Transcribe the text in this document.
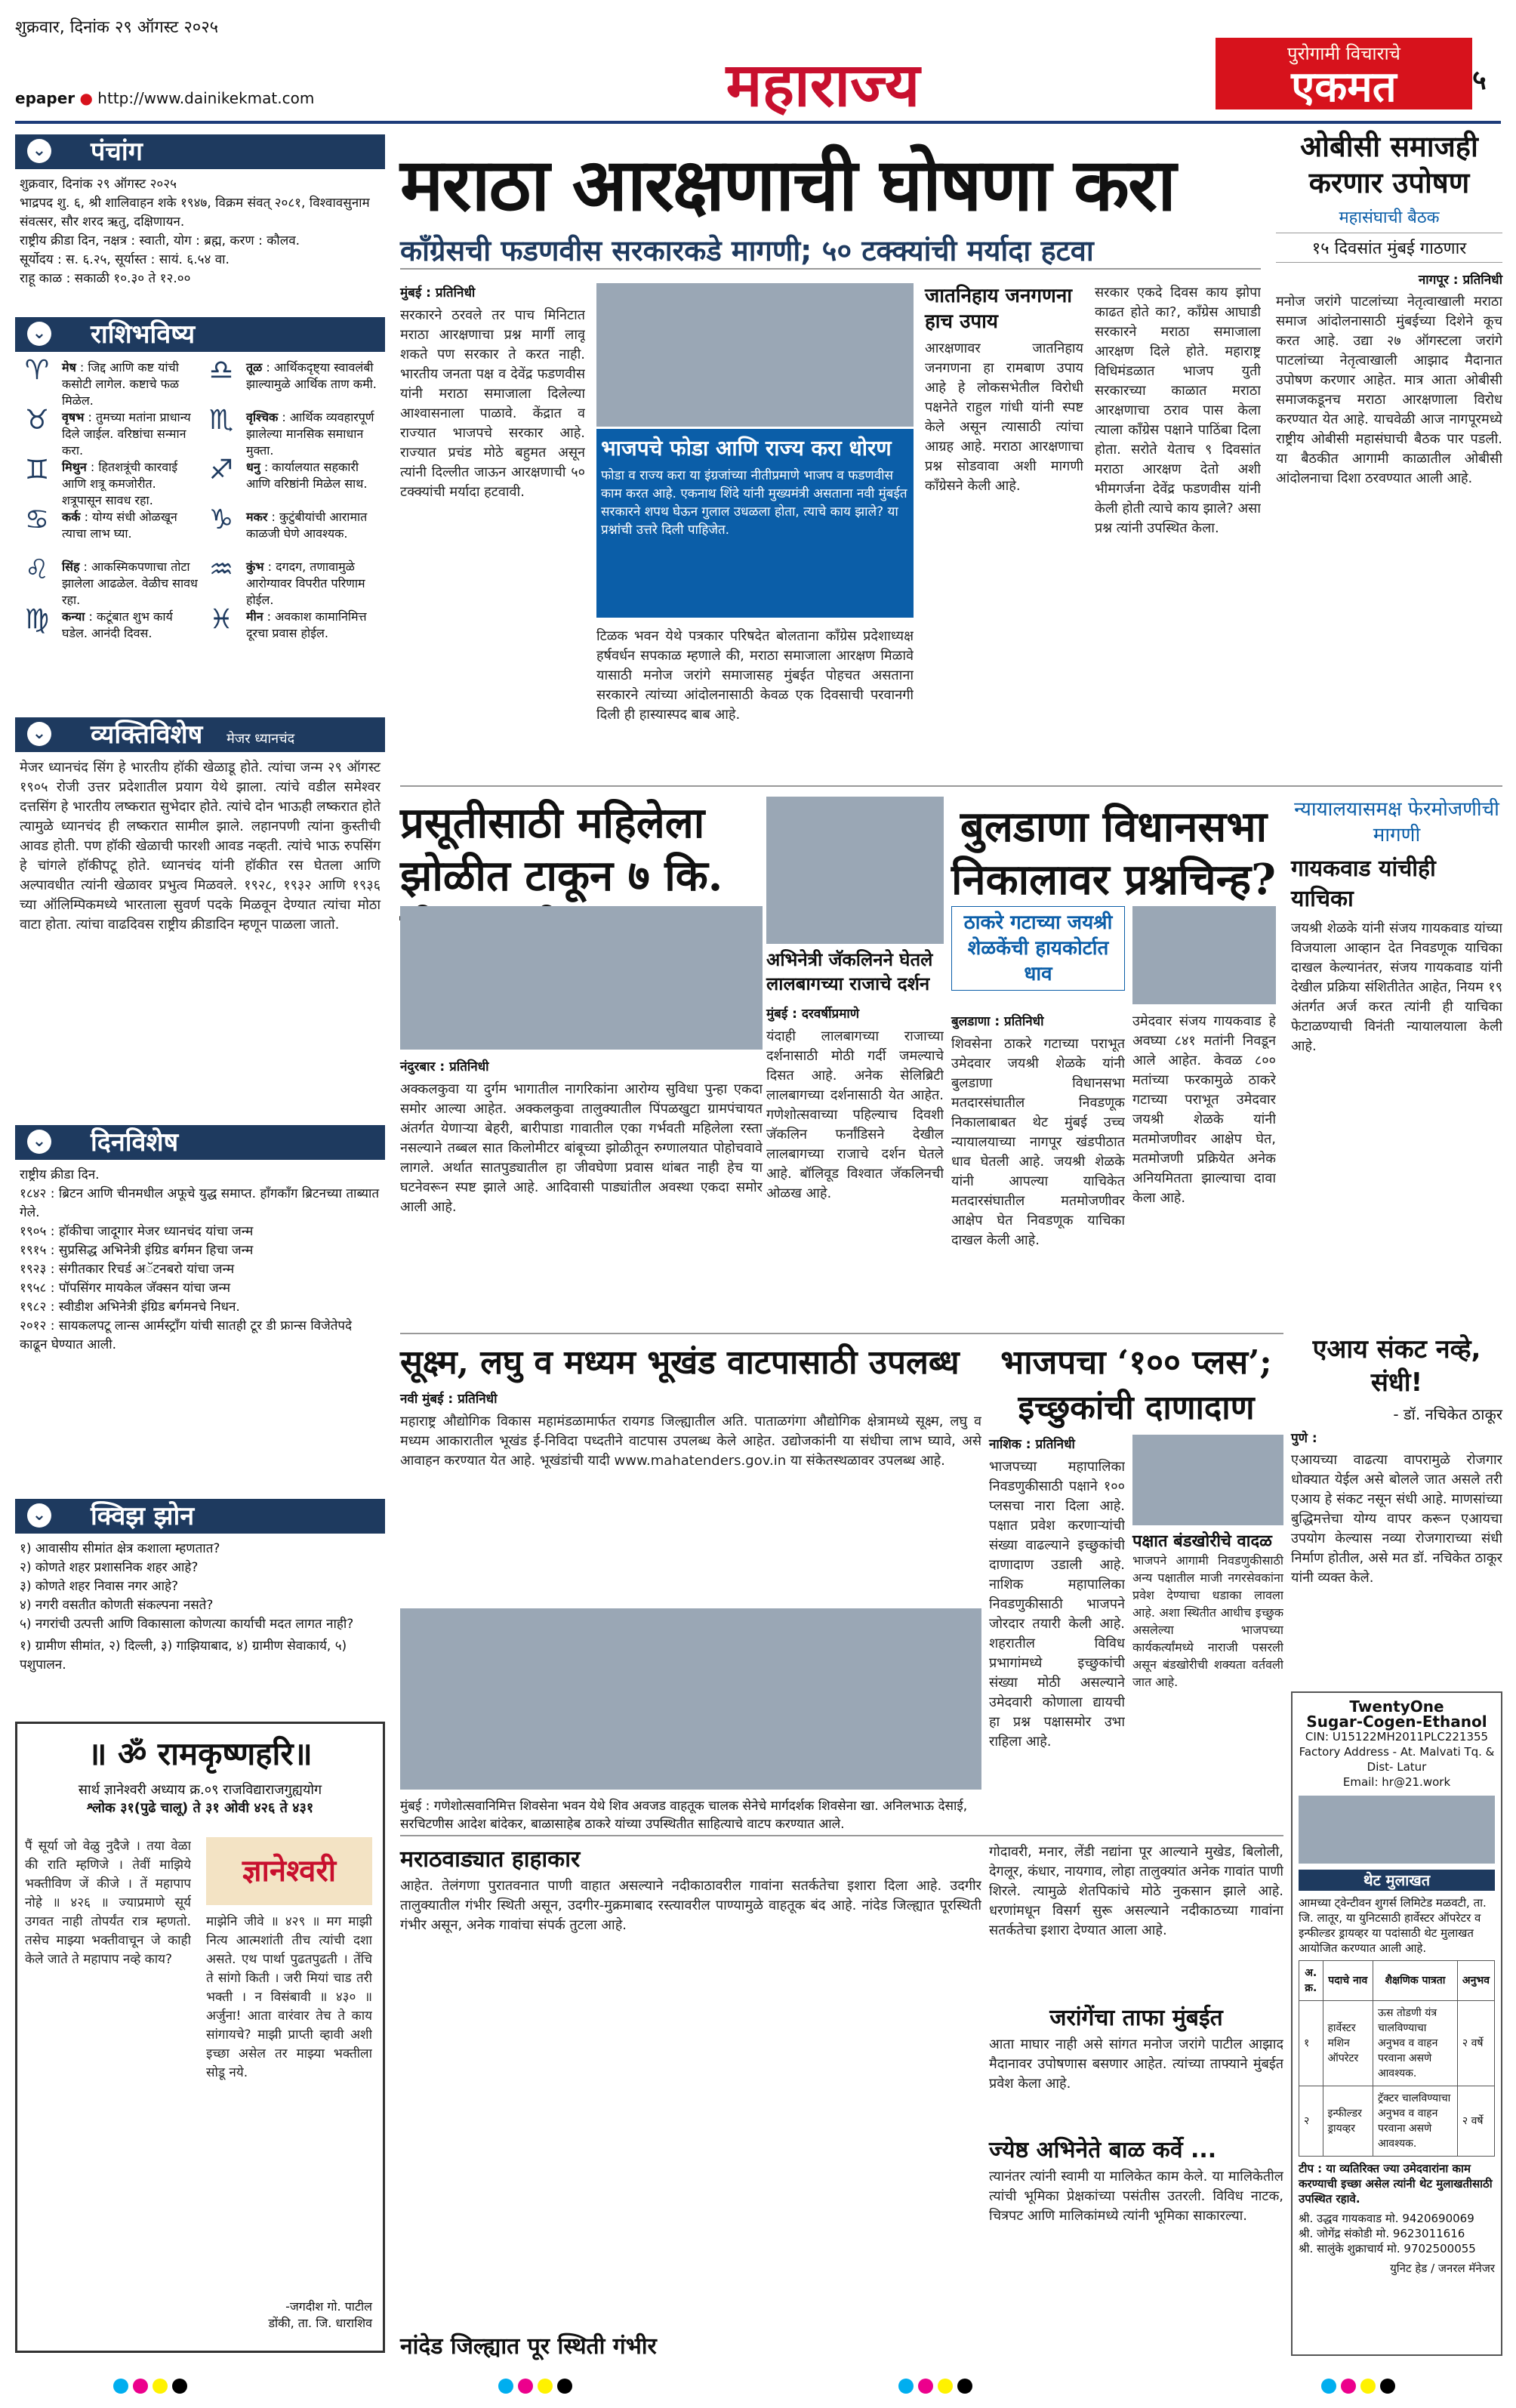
शुक्रवार, दिनांक २९ ऑगस्ट २०२५
epaper ● http://www.dainikekmat.com	महाराज्य	पुरोगामी विचाराचे
एकमत	५
⌄ पंचांग
शुक्रवार, दिनांक २९ ऑगस्ट २०२५
भाद्रपद शु. ६, श्री शालिवाहन शके १९४७, विक्रम संवत् २०८१, विश्वावसुनाम संवत्सर, सौर शरद ऋतु, दक्षिणायन.
राष्ट्रीय क्रीडा दिन, नक्षत्र : स्वाती, योग : ब्रह्म, करण : कौलव.
सूर्योदय : स. ६.२५, सूर्यास्त : सायं. ६.५४ वा.
राहू काळ : सकाळी १०.३० ते १२.००
⌄ राशिभविष्य
♈	मेष : जिद्द आणि कष्ट यांची कसोटी लागेल. कष्टाचे फळ मिळेल.
♉	वृषभ : तुमच्या मतांना प्राधान्य दिले जाईल. वरिष्ठांचा सन्मान करा.
♊	मिथुन : हितशत्रूंची कारवाई आणि शत्रू कमजोरीत. शत्रूपासून सावध रहा.
♋	कर्क : योग्य संधी ओळखून त्याचा लाभ घ्या.
♌	सिंह : आकस्मिकपणाचा तोटा झालेला आढळेल. वेळीच सावध रहा.
♍	कन्या : कटूंबात शुभ कार्य घडेल. आनंदी दिवस.
♎	तूळ : आर्थिकदृष्ट्या स्वावलंबी झाल्यामुळे आर्थिक ताण कमी.
♏	वृश्चिक : आर्थिक व्यवहारपूर्ण झालेल्या मानसिक समाधान मुक्ता.
♐	धनु : कार्यालयात सहकारी आणि वरिष्ठांनी मिळेल साथ.
♑	मकर : कुटुंबीयांची आरामात काळजी घेणे आवश्यक.
♒	कुंभ : दगदग, तणावामुळे आरोग्यावर विपरीत परिणाम होईल.
♓	मीन : अवकाश कामानिमित्त दूरचा प्रवास होईल.
⌄ व्यक्तिविशेष मेजर ध्यानचंद
मेजर ध्यानचंद सिंग हे भारतीय हॉकी खेळाडू होते. त्यांचा जन्म २९ ऑगस्ट १९०५ रोजी उत्तर प्रदेशातील प्रयाग येथे झाला. त्यांचे वडील समेश्वर दत्तसिंग हे भारतीय लष्करात सुभेदार होते. त्यांचे दोन भाऊही लष्करात होते त्यामुळे ध्यानचंद ही लष्करात सामील झाले. लहानपणी त्यांना कुस्तीची आवड होती. पण हॉकी खेळाची फारशी आवड नव्हती. त्यांचे भाऊ रुपसिंग हे चांगले हॉकीपटू होते. ध्यानचंद यांनी हॉकीत रस घेतला आणि अल्पावधीत त्यांनी खेळावर प्रभुत्व मिळवले. १९२८, १९३२ आणि १९३६ च्या ऑलिम्पिकमध्ये भारताला सुवर्ण पदके मिळवून देण्यात त्यांचा मोठा वाटा होता. त्यांचा वाढदिवस राष्ट्रीय क्रीडादिन म्हणून पाळला जातो.
⌄ दिनविशेष
राष्ट्रीय क्रीडा दिन.
१८४२ : ब्रिटन आणि चीनमधील अफूचे युद्ध समाप्त. हॉंगकॉंग ब्रिटनच्या ताब्यात गेले.
१९०५ : हॉकीचा जादूगार मेजर ध्यानचंद यांचा जन्म
१९१५ : सुप्रसिद्ध अभिनेत्री इंग्रिड बर्गमन हिचा जन्म
१९२३ : संगीतकार रिचर्ड अॅटनबरो यांचा जन्म
१९५८ : पॉपसिंगर मायकेल जॅक्सन यांचा जन्म
१९८२ : स्वीडीश अभिनेत्री इंग्रिड बर्गमनचे निधन.
२०१२ : सायकलपटू लान्स आर्मस्ट्रॉंग यांची सातही टूर डी फ्रान्स विजेतेपदे काढून घेण्यात आली.
⌄ क्विझ झोन
१) आवासीय सीमांत क्षेत्र कशाला म्हणतात?
२) कोणते शहर प्रशासनिक शहर आहे?
३) कोणते शहर निवास नगर आहे?
४) नगरी वसतीत कोणती संकल्पना नसते?
५) नगरांची उत्पत्ती आणि विकासाला कोणत्या कार्याची मदत लागत नाही?
१) ग्रामीण सीमांत, २) दिल्ली, ३) गाझियाबाद, ४) ग्रामीण सेवाकार्य, ५) पशुपालन.
॥ ॐ रामकृष्णहरि॥
सार्थ ज्ञानेश्वरी अध्याय क्र.०९ राजविद्याराजगुह्ययोग
श्लोक ३१(पुढे चालू) ते ३१ ओवी ४२६ ते ४३१
पैं सूर्या जो वेळु नुदैजे । तया वेळा की राति म्हणिजे । तेवीं माझिये भक्तीविण जें कीजे । तें महापाप नोहे ॥ ४२६ ॥ ज्याप्रमाणे सूर्य उगवत नाही तोपर्यंत रात्र म्हणतो. तसेच माझ्या भक्तीवाचून जे काही केले जाते ते महापाप नव्हे काय?
ज्ञानेश्वरी
माझेनि जीवे ॥ ४२९ ॥ मग माझी नित्य आत्मशांती तीच त्यांची दशा असते. एथ पार्था पुढतपुढती । तेंचि ते सांगो किती । जरी मियां चाड तरी भक्ती । न विसंबावी ॥ ४३० ॥ अर्जुना! आता वारंवार तेच ते काय सांगायचे? माझी प्राप्ती व्हावी अशी इच्छा असेल तर माझ्या भक्तीला सोडू नये.
-जगदीश गो. पाटील
डोंकी, ता. जि. धाराशिव
मराठा आरक्षणाची घोषणा करा
कॉंग्रेसची फडणवीस सरकारकडे मागणी; ५० टक्क्यांची मर्यादा हटवा
मुंबई : प्रतिनिधी
सरकारने ठरवले तर पाच मिनिटात मराठा आरक्षणाचा प्रश्न मार्गी लावू शकते पण सरकार ते करत नाही. भारतीय जनता पक्ष व देवेंद्र फडणवीस यांनी मराठा समाजाला दिलेल्या आश्वासनाला पाळावे. केंद्रात व राज्यात भाजपचे सरकार आहे. राज्यात प्रचंड मोठे बहुमत असून त्यांनी दिल्लीत जाऊन आरक्षणाची ५० टक्क्यांची मर्यादा हटवावी.
भाजपचे फोडा आणि राज्य करा धोरण
फोडा व राज्य करा या इंग्रजांच्या नीतीप्रमाणे भाजप व फडणवीस काम करत आहे. एकनाथ शिंदे यांनी मुख्यमंत्री असताना नवी मुंबईत सरकारने शपथ घेऊन गुलाल उधळला होता, त्याचे काय झाले? या प्रश्नांची उत्तरे दिली पाहिजेत.
टिळक भवन येथे पत्रकार परिषदेत बोलताना काँग्रेस प्रदेशाध्यक्ष हर्षवर्धन सपकाळ म्हणाले की, मराठा समाजाला आरक्षण मिळावे यासाठी मनोज जरांगे समाजासह मुंबईत पोहचत असताना सरकारने त्यांच्या आंदोलनासाठी केवळ एक दिवसाची परवानगी दिली ही हास्यास्पद बाब आहे.
जातनिहाय जनगणना हाच उपाय
आरक्षणावर जातनिहाय जनगणना हा रामबाण उपाय आहे हे लोकसभेतील विरोधी पक्षनेते राहुल गांधी यांनी स्पष्ट केले असून त्यासाठी त्यांचा आग्रह आहे. मराठा आरक्षणाचा प्रश्न सोडवावा अशी मागणी काँग्रेसने केली आहे.
सरकार एकदे दिवस काय झोपा काढत होते का?, काँग्रेस आघाडी सरकारने मराठा समाजाला आरक्षण दिले होते. महाराष्ट्र विधिमंडळात भाजप युती सरकारच्या काळात मराठा आरक्षणाचा ठराव पास केला त्याला काँग्रेस पक्षाने पाठिंबा दिला होता. सरोते येताच ९ दिवसांत मराठा आरक्षण देतो अशी भीमगर्जना देवेंद्र फडणवीस यांनी केली होती त्याचे काय झाले? असा प्रश्न त्यांनी उपस्थित केला.
ओबीसी समाजही करणार उपोषण
महासंघाची बैठक
१५ दिवसांत मुंबई गाठणार
नागपूर : प्रतिनिधी
मनोज जरांगे पाटलांच्या नेतृत्वाखाली मराठा समाज आंदोलनासाठी मुंबईच्या दिशेने कूच करत आहे. उद्या २७ ऑगस्टला जरांगे पाटलांच्या नेतृत्वाखाली आझाद मैदानात उपोषण करणार आहेत. मात्र आता ओबीसी समाजकडूनच मराठा आरक्षणाला विरोध करण्यात येत आहे. याचवेळी आज नागपूरमध्ये राष्ट्रीय ओबीसी महासंघाची बैठक पार पडली. या बैठकीत आगामी काळातील ओबीसी आंदोलनाचा दिशा ठरवण्यात आली आहे.
प्रसूतीसाठी महिलेला झोळीत टाकून ७ कि.
नंदुरबार : प्रतिनिधी
अक्कलकुवा या दुर्गम भागातील नागरिकांना आरोग्य सुविधा पुन्हा एकदा समोर आल्या आहेत. अक्कलकुवा तालुक्यातील पिंपळखुटा ग्रामपंचायत अंतर्गत येणाऱ्या बेहरी, बारीपाडा गावातील एका गर्भवती महिलेला रस्ता नसल्याने तब्बल सात किलोमीटर बांबूच्या झोळीतून रुग्णालयात पोहोचवावे लागले. अर्थात सातपुड्यातील हा जीवघेणा प्रवास थांबत नाही हेच या घटनेवरून स्पष्ट झाले आहे. आदिवासी पाड्यांतील अवस्था एकदा समोर आली आहे.
अभिनेत्री जॅकलिनने घेतले लालबागच्या राजाचे दर्शन
मुंबई : दरवर्षीप्रमाणे
यंदाही लालबागच्या राजाच्या दर्शनासाठी मोठी गर्दी जमल्याचे दिसत आहे. अनेक सेलिब्रिटी लालबागच्या दर्शनासाठी येत आहेत. गणेशोत्सवाच्या पहिल्याच दिवशी जॅकलिन फर्नांडिसने देखील लालबागच्या राजाचे दर्शन घेतले आहे. बॉलिवूड विश्वात जॅकलिनची ओळख आहे.
बुलडाणा विधानसभा निकालावर प्रश्नचिन्ह?
ठाकरे गटाच्या जयश्री शेळकेंची हायकोर्टात धाव
बुलडाणा : प्रतिनिधी
शिवसेना ठाकरे गटाच्या पराभूत उमेदवार जयश्री शेळके यांनी बुलडाणा विधानसभा मतदारसंघातील निवडणूक निकालाबाबत थेट मुंबई उच्च न्यायालयाच्या नागपूर खंडपीठात धाव घेतली आहे. जयश्री शेळके यांनी आपल्या याचिकेत मतदारसंघातील मतमोजणीवर आक्षेप घेत निवडणूक याचिका दाखल केली आहे.
उमेदवार संजय गायकवाड हे अवघ्या ८४१ मतांनी निवडून आले आहेत. केवळ ८०० मतांच्या फरकामुळे ठाकरे गटाच्या पराभूत उमेदवार जयश्री शेळके यांनी मतमोजणीवर आक्षेप घेत, मतमोजणी प्रक्रियेत अनेक अनियमितता झाल्याचा दावा केला आहे.
न्यायालयासमक्ष फेरमोजणीची मागणी
गायकवाड यांचीही याचिका
जयश्री शेळके यांनी संजय गायकवाड यांच्या विजयाला आव्हान देत निवडणूक याचिका दाखल केल्यानंतर, संजय गायकवाड यांनी देखील प्रक्रिया संशितीतेत आहेत, नियम १९ अंतर्गत अर्ज करत त्यांनी ही याचिका फेटाळण्याची विनंती न्यायालयाला केली आहे.
सूक्ष्म, लघु व मध्यम भूखंड वाटपासाठी उपलब्ध
नवी मुंबई : प्रतिनिधी
महाराष्ट्र औद्योगिक विकास महामंडळामार्फत रायगड जिल्ह्यातील अति. पाताळगंगा औद्योगिक क्षेत्रामध्ये सूक्ष्म, लघु व मध्यम आकारातील भूखंड ई-निविदा पध्दतीने वाटपास उपलब्ध केले आहेत. उद्योजकांनी या संधीचा लाभ घ्यावे, असे आवाहन करण्यात येत आहे. भूखंडांची यादी www.mahatenders.gov.in या संकेतस्थळावर उपलब्ध आहे.
मुंबई : गणेशोत्सवानिमित्त शिवसेना भवन येथे शिव अवजड वाहतूक चालक सेनेचे मार्गदर्शक शिवसेना खा. अनिलभाऊ देसाई, सरचिटणीस आदेश बांदेकर, बाळासाहेब ठाकरे यांच्या उपस्थितीत साहित्याचे वाटप करण्यात आले.
भाजपचा ‘१०० प्लस’; इच्छुकांची दाणादाण
नाशिक : प्रतिनिधी
भाजपच्या महापालिका निवडणुकीसाठी पक्षाने १०० प्लसचा नारा दिला आहे. पक्षात प्रवेश करणाऱ्यांची संख्या वाढल्याने इच्छुकांची दाणादाण उडाली आहे. नाशिक महापालिका निवडणुकीसाठी भाजपने जोरदार तयारी केली आहे. शहरातील विविध प्रभागांमध्ये इच्छुकांची संख्या मोठी असल्याने उमेदवारी कोणाला द्यायची हा प्रश्न पक्षासमोर उभा राहिला आहे.
पक्षात बंडखोरीचे वादळ
भाजपने आगामी निवडणुकीसाठी अन्य पक्षातील माजी नगरसेवकांना प्रवेश देण्याचा धडाका लावला आहे. अशा स्थितीत आधीच इच्छुक असलेल्या भाजपच्या कार्यकर्त्यांमध्ये नाराजी पसरली असून बंडखोरीची शक्यता वर्तवली जात आहे.
एआय संकट नव्हे, संधी!
- डॉ. नचिकेत ठाकूर
पुणे :
एआयच्या वाढत्या वापरामुळे रोजगार धोक्यात येईल असे बोलले जात असले तरी एआय हे संकट नसून संधी आहे. माणसांच्या बुद्धिमत्तेचा योग्य वापर करून एआयचा उपयोग केल्यास नव्या रोजगाराच्या संधी निर्माण होतील, असे मत डॉ. नचिकेत ठाकूर यांनी व्यक्त केले.
मराठवाड्यात हाहाकार
आहेत. तेलंगणा पुरातवनात पाणी वाहात असल्याने नदीकाठावरील गावांना सतर्कतेचा इशारा दिला आहे. उदगीर तालुक्यातील गंभीर स्थिती असून, उदगीर-मुक्रमाबाद रस्त्यावरील पाण्यामुळे वाहतूक बंद आहे. नांदेड जिल्ह्यात पूरस्थिती गंभीर असून, अनेक गावांचा संपर्क तुटला आहे.
नांदेड जिल्ह्यात पूर स्थिती गंभीर
गोदावरी, मनार, लेंडी नद्यांना पूर आल्याने मुखेड, बिलोली, देगलूर, कंधार, नायगाव, लोहा तालुक्यांत अनेक गावांत पाणी शिरले. त्यामुळे शेतपिकांचे मोठे नुकसान झाले आहे. धरणांमधून विसर्ग सुरू असल्याने नदीकाठच्या गावांना सतर्कतेचा इशारा देण्यात आला आहे.
जरांगेंचा ताफा मुंबईत
आता माघार नाही असे सांगत मनोज जरांगे पाटील आझाद मैदानावर उपोषणास बसणार आहेत. त्यांच्या ताफ्याने मुंबईत प्रवेश केला आहे.
ज्येष्ठ अभिनेते बाळ कर्वे ...
त्यानंतर त्यांनी स्वामी या मालिकेत काम केले. या मालिकेतील त्यांची भूमिका प्रेक्षकांच्या पसंतीस उतरली. विविध नाटक, चित्रपट आणि मालिकांमध्ये त्यांनी भूमिका साकारल्या.
TwentyOne
Sugar-Cogen-Ethanol
CIN: U15122MH2011PLC221355
Factory Address - At. Malvati Tq. & Dist- Latur
Email: hr@21.work
थेट मुलाखत
आमच्या ट्वेन्टीवन शुगर्स लिमिटेड मळवटी, ता. जि. लातूर, या युनिटसाठी हार्वेस्टर ऑपरेटर व इन्फील्डर ड्रायव्हर या पदांसाठी थेट मुलाखत आयोजित करण्यात आली आहे.
अ. क्र.	पदाचे नाव	शैक्षणिक पात्रता	अनुभव
१	हार्वेस्टर मशिन ऑपरेटर	ऊस तोडणी यंत्र चालविण्याचा अनुभव व वाहन परवाना असणे आवश्यक.	२ वर्षे
२	इन्फील्डर ड्रायव्हर	ट्रॅक्टर चालविण्याचा अनुभव व वाहन परवाना असणे आवश्यक.	२ वर्षे
टीप : या व्यतिरिक्त ज्या उमेदवारांना काम करण्याची इच्छा असेल त्यांनी थेट मुलाखतीसाठी उपस्थित रहावे.
श्री. उद्धव गायकवाड मो. 9420690069
श्री. जोगेंद्र संकोडी मो. 9623011616
श्री. सालुंके शुक्राचार्य मो. 9702500055
युनिट हेड / जनरल मॅनेजर
